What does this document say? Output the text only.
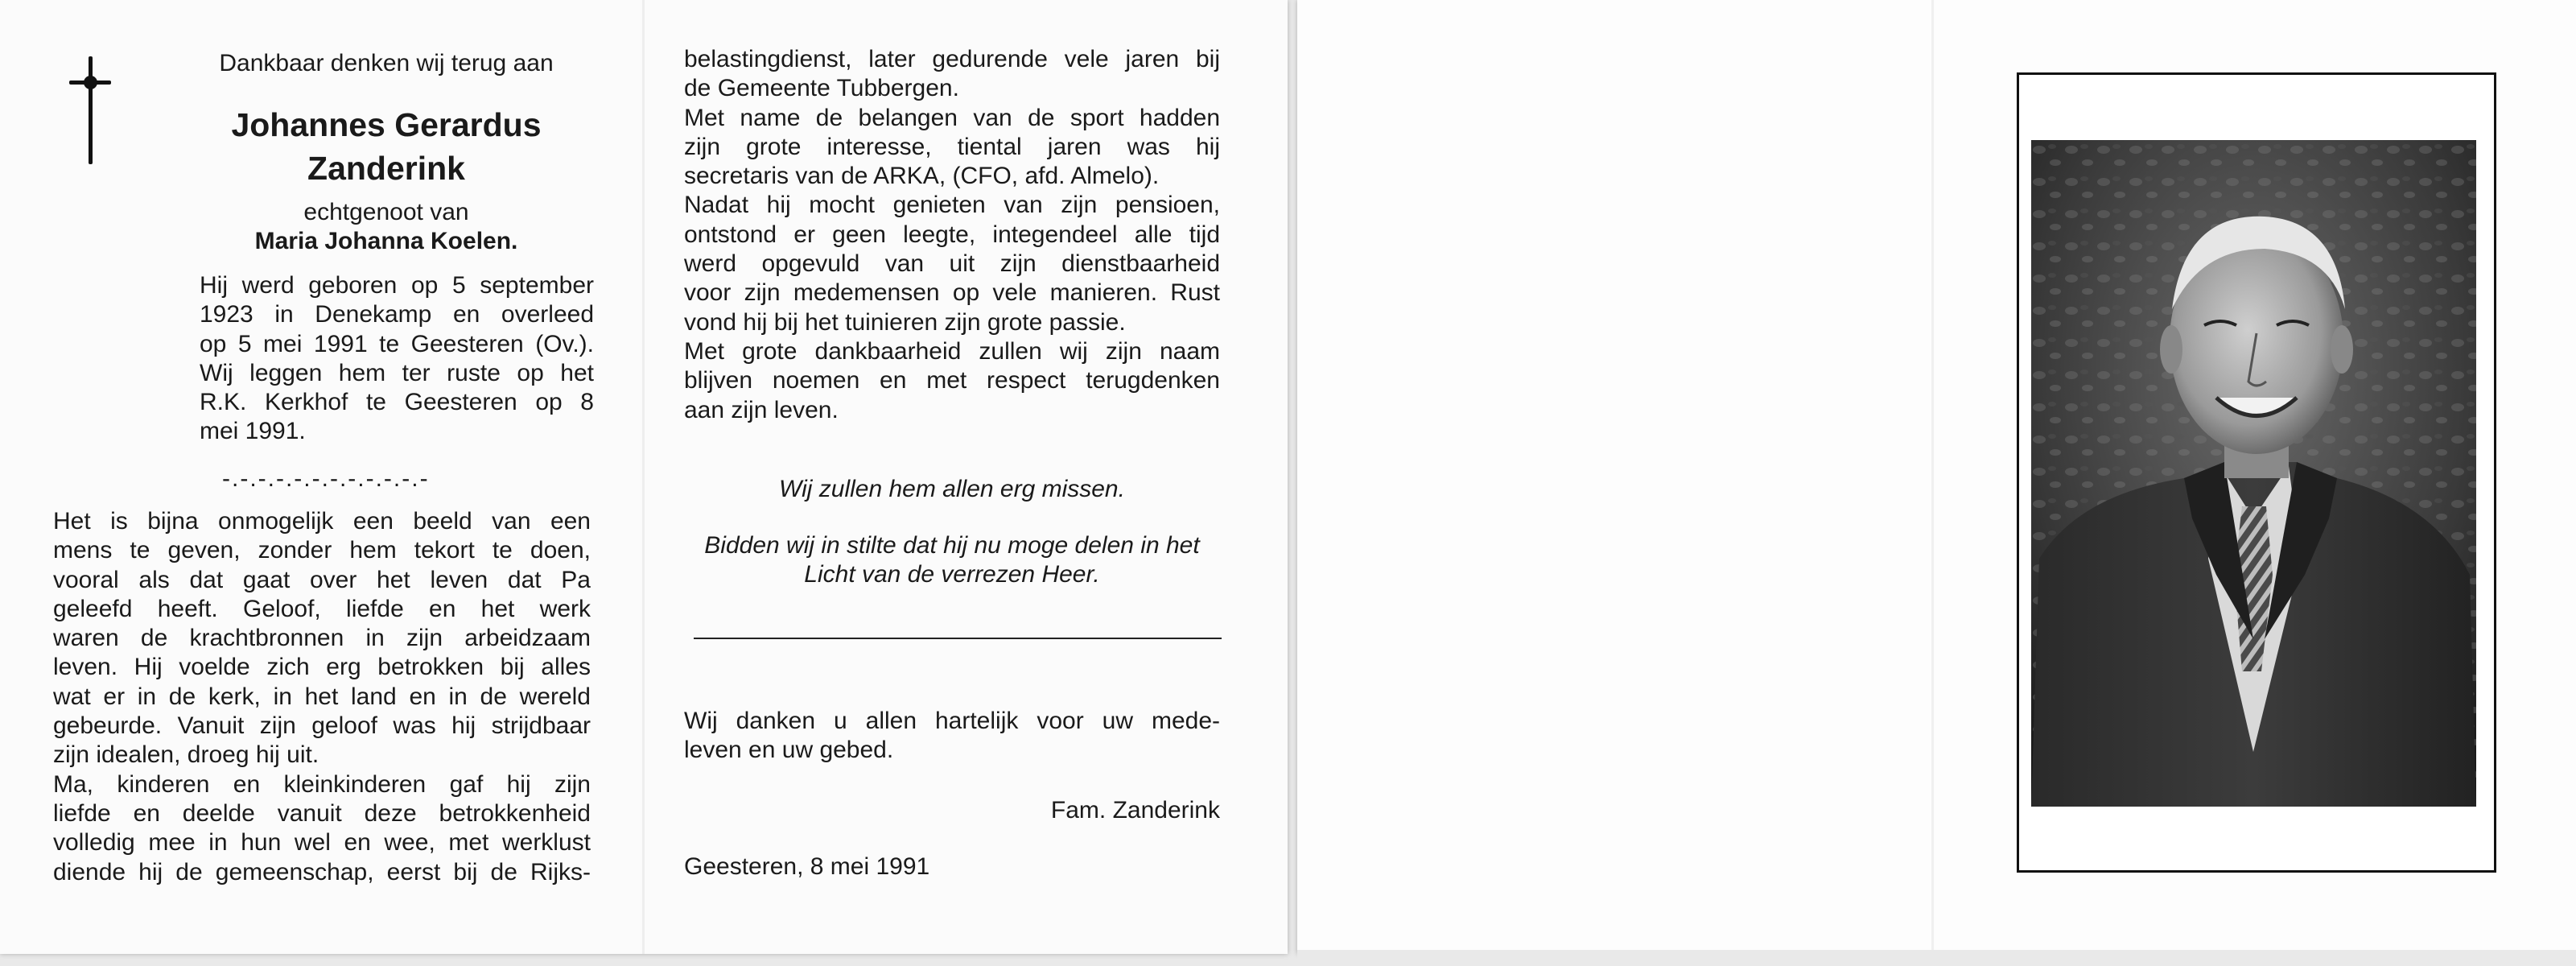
Dankbaar denken wij terug aan
Johannes Gerardus
Zanderink
echtgenoot van
Maria Johanna Koelen.
Hij werd geboren op 5 september
1923 in Denekamp en overleed
op 5 mei 1991 te Geesteren (Ov.).
Wij leggen hem ter ruste op het
R.K. Kerkhof te Geesteren op 8
mei 1991.
-.-.-.-.-.-.-.-.-.-.-.-
Het is bijna onmogelijk een beeld van een
mens te geven, zonder hem tekort te doen,
vooral als dat gaat over het leven dat Pa
geleefd heeft. Geloof, liefde en het werk
waren de krachtbronnen in zijn arbeidzaam
leven. Hij voelde zich erg betrokken bij alles
wat er in de kerk, in het land en in de wereld
gebeurde. Vanuit zijn geloof was hij strijdbaar
zijn idealen, droeg hij uit.
Ma, kinderen en kleinkinderen gaf hij zijn
liefde en deelde vanuit deze betrokkenheid
volledig mee in hun wel en wee, met werklust
diende hij de gemeenschap, eerst bij de Rijks-
belastingdienst, later gedurende vele jaren bij
de Gemeente Tubbergen.
Met name de belangen van de sport hadden
zijn grote interesse, tiental jaren was hij
secretaris van de ARKA, (CFO, afd. Almelo).
Nadat hij mocht genieten van zijn pensioen,
ontstond er geen leegte, integendeel alle tijd
werd opgevuld van uit zijn dienstbaarheid
voor zijn medemensen op vele manieren. Rust
vond hij bij het tuinieren zijn grote passie.
Met grote dankbaarheid zullen wij zijn naam
blijven noemen en met respect terugdenken
aan zijn leven.
Wij zullen hem allen erg missen.
Bidden wij in stilte dat hij nu moge delen in het
Licht van de verrezen Heer.
Wij danken u allen hartelijk voor uw mede-
leven en uw gebed.
Fam. Zanderink
Geesteren, 8 mei 1991
